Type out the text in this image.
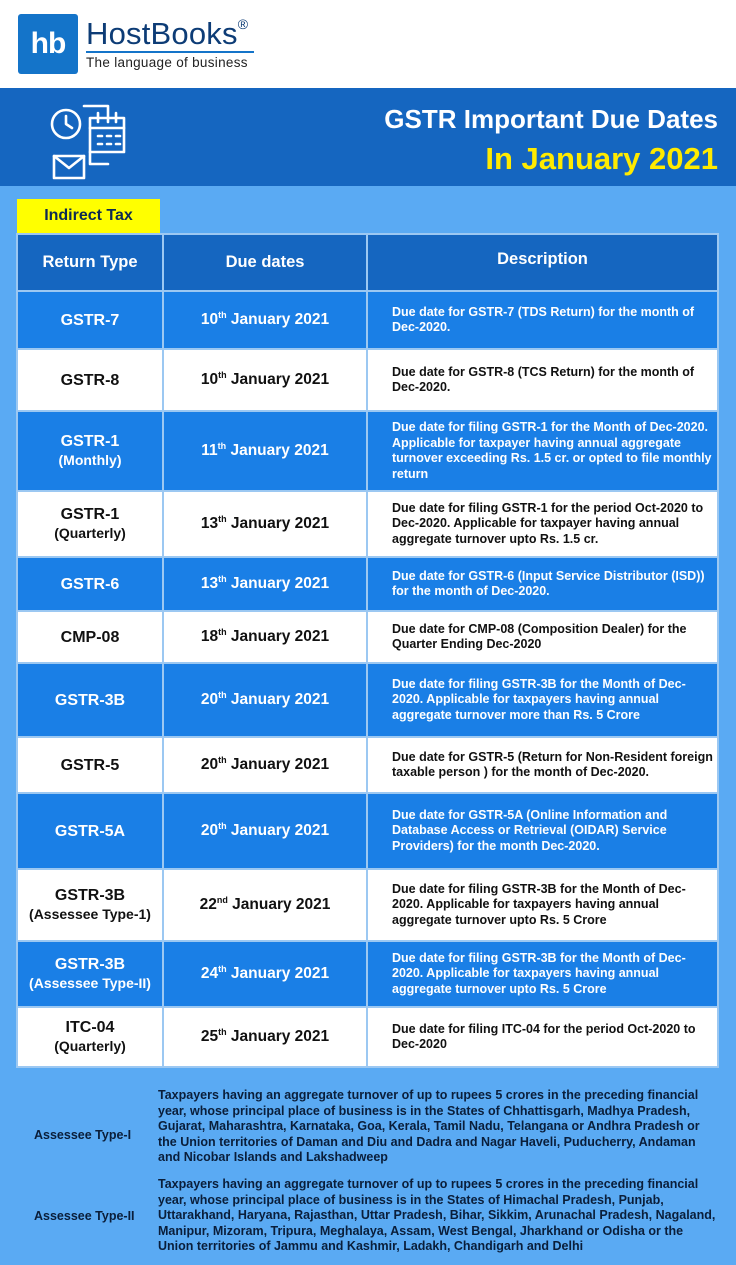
hb HostBooks®
The language of business
GSTR Important Due Dates
In January 2021
Indirect Tax
Return Type	Due dates	Description

GSTR-7	10th January 2021	Due date for GSTR-7 (TDS Return) for the month of Dec-2020.

GSTR-8	10th January 2021	Due date for GSTR-8 (TCS Return) for the month of Dec-2020.

GSTR-1
(Monthly)	11th January 2021	Due date for filing GSTR-1 for the Month of Dec-2020. Applicable for taxpayer having annual aggregate turnover exceeding Rs. 1.5 cr. or opted to file monthly return

GSTR-1
(Quarterly)	13th January 2021	Due date for filing GSTR-1 for the period Oct-2020 to Dec-2020. Applicable for taxpayer having annual aggregate turnover upto Rs. 1.5 cr.

GSTR-6	13th January 2021	Due date for GSTR-6 (Input Service Distributor (ISD)) for the month of Dec-2020.

CMP-08	18th January 2021	Due date for CMP-08 (Composition Dealer) for the Quarter Ending Dec-2020

GSTR-3B	20th January 2021	Due date for filing GSTR-3B for the Month of Dec-2020. Applicable for taxpayers having annual aggregate turnover more than Rs. 5 Crore

GSTR-5	20th January 2021	Due date for GSTR-5 (Return for Non-Resident foreign taxable person ) for the month of Dec-2020.

GSTR-5A	20th January 2021	Due date for GSTR-5A (Online Information and Database Access or Retrieval (OIDAR) Service Providers) for the month Dec-2020.

GSTR-3B
(Assessee Type-1)	22nd January 2021	Due date for filing GSTR-3B for the Month of Dec-2020. Applicable for taxpayers having annual aggregate turnover upto Rs. 5 Crore

GSTR-3B
(Assessee Type-II)	24th January 2021	Due date for filing GSTR-3B for the Month of Dec-2020. Applicable for taxpayers having annual aggregate turnover upto Rs. 5 Crore

ITC-04
(Quarterly)	25th January 2021	Due date for filing ITC-04 for the period Oct-2020 to Dec-2020
Assessee Type-I
Taxpayers having an aggregate turnover of up to rupees 5 crores in the preceding financial year, whose principal place of business is in the States of Chhattisgarh, Madhya Pradesh, Gujarat, Maharashtra, Karnataka, Goa, Kerala, Tamil Nadu, Telangana or Andhra Pradesh or the Union territories of Daman and Diu and Dadra and Nagar Haveli, Puducherry, Andaman and Nicobar Islands and Lakshadweep
Assessee Type-II
Taxpayers having an aggregate turnover of up to rupees 5 crores in the preceding financial year, whose principal place of business is in the States of Himachal Pradesh, Punjab, Uttarakhand, Haryana, Rajasthan, Uttar Pradesh, Bihar, Sikkim, Arunachal Pradesh, Nagaland, Manipur, Mizoram, Tripura, Meghalaya, Assam, West Bengal, Jharkhand or Odisha or the Union territories of Jammu and Kashmir, Ladakh, Chandigarh and Delhi
